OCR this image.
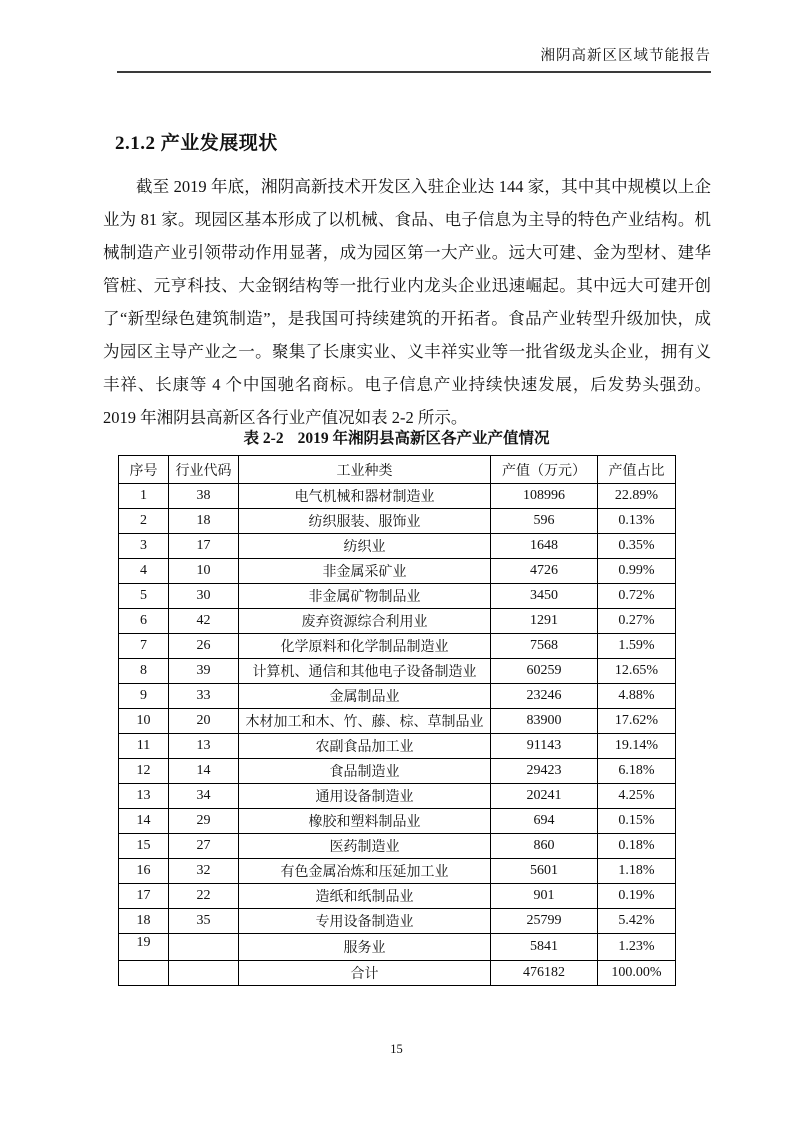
湘阴高新区区域节能报告
2.1.2 产业发展现状

截至 2019 年底，湘阴高新技术开发区入驻企业达 144 家，其中其中规模以上企业为 81 家。现园区基本形成了以机械、食品、电子信息为主导的特色产业结构。机械制造产业引领带动作用显著，成为园区第一大产业。远大可建、金为型材、建华管桩、元亨科技、大金钢结构等一批行业内龙头企业迅速崛起。其中远大可建开创了“新型绿色建筑制造”，是我国可持续建筑的开拓者。食品产业转型升级加快，成为园区主导产业之一。聚集了长康实业、义丰祥实业等一批省级龙头企业，拥有义丰祥、长康等 4 个中国驰名商标。电子信息产业持续快速发展，后发势头强劲。2019 年湘阴县高新区各行业产值况如表 2-2 所示。

表 2-2 2019 年湘阴县高新区各产业产值情况
序号	行业代码	工业种类	产值（万元）	产值占比
1	38	电气机械和器材制造业	108996	22.89%
2	18	纺织服装、服饰业	596	0.13%
3	17	纺织业	1648	0.35%
4	10	非金属采矿业	4726	0.99%
5	30	非金属矿物制品业	3450	0.72%
6	42	废弃资源综合利用业	1291	0.27%
7	26	化学原料和化学制品制造业	7568	1.59%
8	39	计算机、通信和其他电子设备制造业	60259	12.65%
9	33	金属制品业	23246	4.88%
10	20	木材加工和木、竹、藤、棕、草制品业	83900	17.62%
11	13	农副食品加工业	91143	19.14%
12	14	食品制造业	29423	6.18%
13	34	通用设备制造业	20241	4.25%
14	29	橡胶和塑料制品业	694	0.15%
15	27	医药制造业	860	0.18%
16	32	有色金属冶炼和压延加工业	5601	1.18%
17	22	造纸和纸制品业	901	0.19%
18	35	专用设备制造业	25799	5.42%
19		服务业	5841	1.23%
		合计	476182	100.00%
15
